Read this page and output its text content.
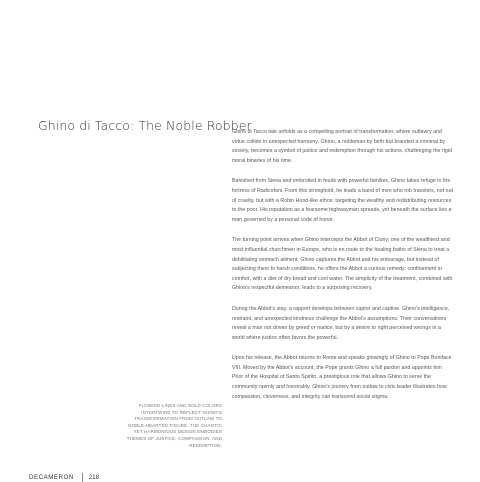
Ghino di Tacco: The Noble Robber

Ghino di Tacco tale unfolds as a compelling portrait of transformation, where outlawry and virtue collide in unexpected harmony. Ghino, a nobleman by birth but branded a criminal by society, becomes a symbol of justice and redemption through his actions, challenging the rigid moral binaries of his time.

Banished from Siena and embroiled in feuds with powerful families, Ghino takes refuge in the fortress of Radicofani. From this stronghold, he leads a band of men who rob travelers, not out of cruelty, but with a Robin Hood-like ethos: targeting the wealthy and redistributing resources to the poor. His reputation as a fearsome highwayman spreads, yet beneath the surface lies a man governed by a personal code of honor.

The turning point arrives when Ghino intercepts the Abbot of Cluny, one of the wealthiest and most influential churchmen in Europe, who is en route to the healing baths of Siena to treat a debilitating stomach ailment. Ghino captures the Abbot and his entourage, but instead of subjecting them to harsh conditions, he offers the Abbot a curious remedy: confinement in comfort, with a diet of dry bread and cool water. The simplicity of the treatment, combined with Ghino's respectful demeanor, leads to a surprising recovery.

During the Abbot's stay, a rapport develops between captor and captive. Ghino's intelligence, restraint, and unexpected kindness challenge the Abbot's assumptions. Their conversations reveal a man not driven by greed or malice, but by a desire to right perceived wrongs in a world where justice often favors the powerful.

Upon his release, the Abbot returns to Rome and speaks glowingly of Ghino to Pope Boniface VIII. Moved by the Abbot's account, the Pope grants Ghino a full pardon and appoints him Prior of the Hospital of Santo Spirito, a prestigious role that allows Ghino to serve the community openly and honorably. Ghino's journey from outlaw to civic leader illustrates how compassion, cleverness, and integrity can transcend social stigma.

FLOWING LINES AND BOLD COLORS INTERTWINE TO REFLECT GHINO'S TRANSFORMATION FROM OUTLAW TO NOBLE-HEARTED FIGURE. THE CHAOTIC YET HARMONIOUS DESIGN EMBODIES THEMES OF JUSTICE, COMPASSION, AND REDEMPTION.
DECAMERON 218
